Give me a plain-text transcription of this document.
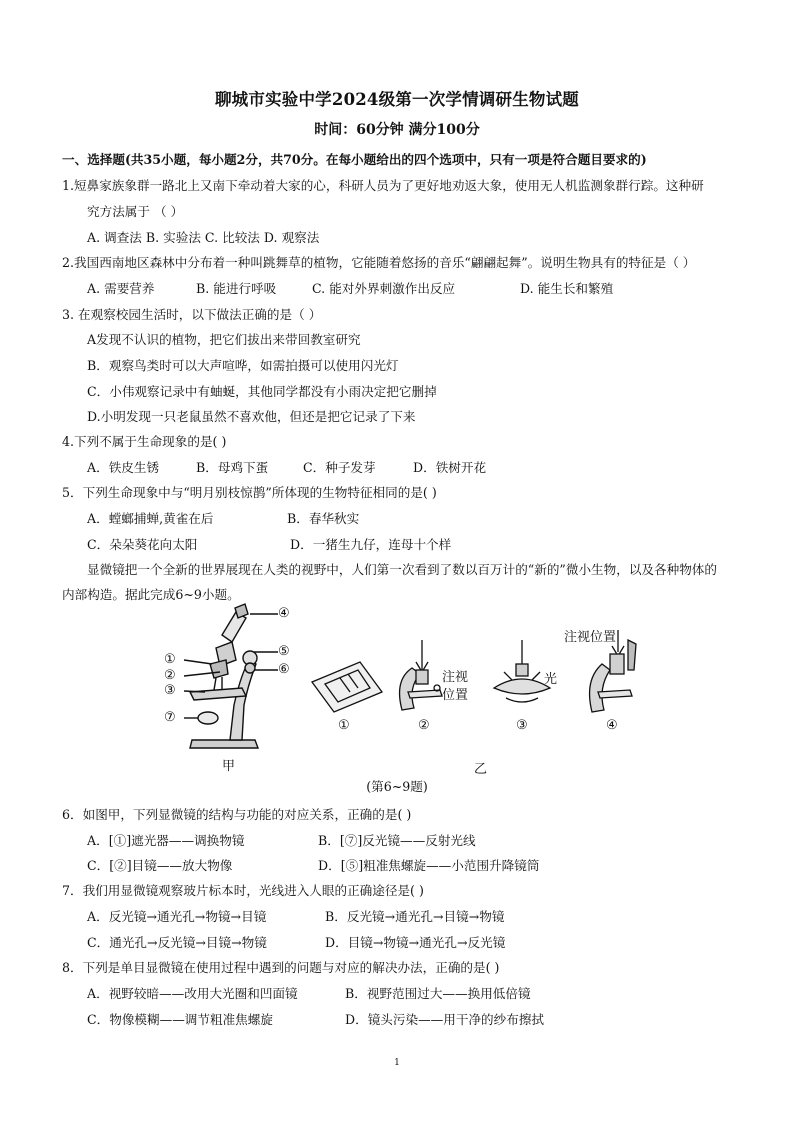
聊城市实验中学2024级第一次学情调研生物试题
时间：60分钟 满分100分
一、选择题(共35小题，每小题2分，共70分。在每小题给出的四个选项中，只有一项是符合题目要求的)
1.短鼻家族象群一路北上又南下牵动着大家的心，科研人员为了更好地劝返大象，使用无人机监测象群行踪。这种研
究方法属于 （ ）
A. 调查法 B. 实验法 C. 比较法 D. 观察法
2.我国西南地区森林中分布着一种叫跳舞草的植物，它能随着悠扬的音乐“翩翩起舞”。说明生物具有的特征是（ ）
A. 需要营养	B. 能进行呼吸	C. 能对外界刺激作出反应	D. 能生长和繁殖
3. 在观察校园生活时，以下做法正确的是（ ）
A发现不认识的植物，把它们拔出来带回教室研究
B．观察鸟类时可以大声喧哗，如需拍摄可以使用闪光灯
C．小伟观察记录中有蚰蜒，其他同学都没有小雨决定把它删掉
D.小明发现一只老鼠虽然不喜欢他，但还是把它记录了下来
4.下列不属于生命现象的是( )
A．铁皮生锈	B．母鸡下蛋	C．种子发芽	D．铁树开花
5．下列生命现象中与“明月别枝惊鹊”所体现的生物特征相同的是( )
A．螳螂捕蝉,黄雀在后	B．春华秋实
C．朵朵葵花向太阳	D．一猪生九仔，连母十个样
显微镜把一个全新的世界展现在人类的视野中，人们第一次看到了数以百万计的“新的”微小生物，以及各种物体的
内部构造。据此完成6~9小题。
①
②
③
⑦
④
⑤
⑥
甲
①	②	③	④
注视
位置
光
注视位置
乙
(第6~9题)
6．如图甲，下列显微镜的结构与功能的对应关系，正确的是( )
A．[①]遮光器——调换物镜	B．[⑦]反光镜——反射光线
C．[②]目镜——放大物像	D．[⑤]粗准焦螺旋——小范围升降镜筒
7．我们用显微镜观察玻片标本时，光线进入人眼的正确途径是( )
A．反光镜→通光孔→物镜→目镜	B．反光镜→通光孔→目镜→物镜
C．通光孔→反光镜→目镜→物镜	D．目镜→物镜→通光孔→反光镜
8．下列是单目显微镜在使用过程中遇到的问题与对应的解决办法，正确的是( )
A．视野较暗——改用大光圈和凹面镜	B．视野范围过大——换用低倍镜
C．物像模糊——调节粗准焦螺旋	D．镜头污染——用干净的纱布擦拭
1
